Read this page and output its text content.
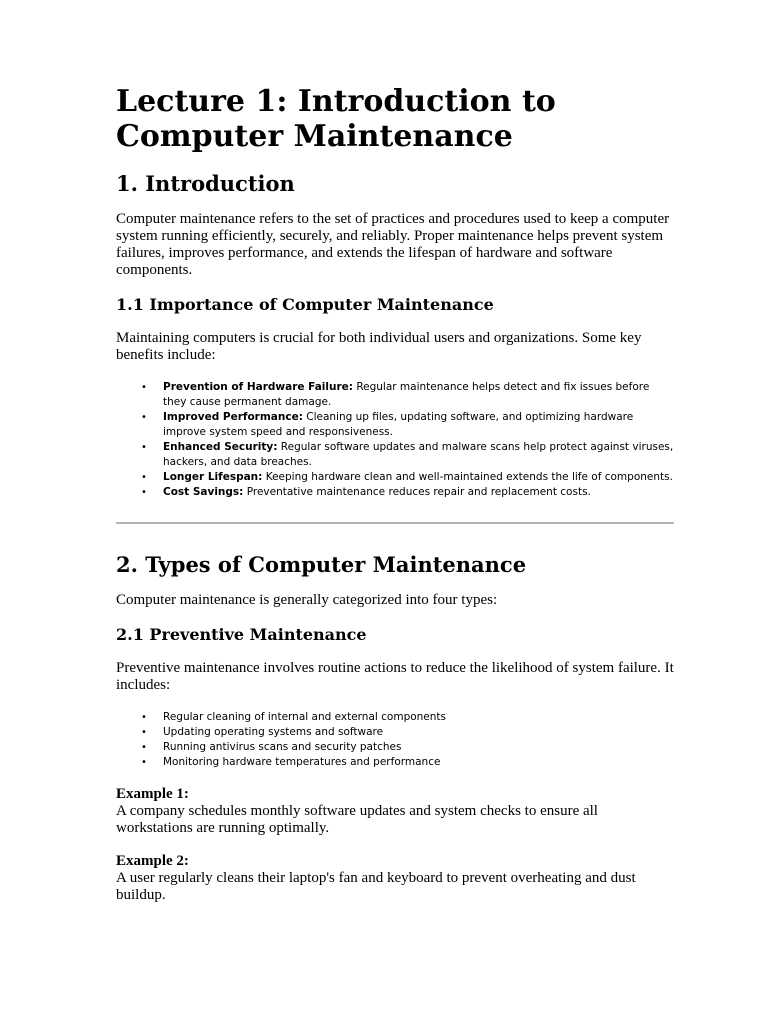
Lecture 1: Introduction to Computer Maintenance
1. Introduction

Computer maintenance refers to the set of practices and procedures used to keep a computer system running efficiently, securely, and reliably. Proper maintenance helps prevent system failures, improves performance, and extends the lifespan of hardware and software components.

1.1 Importance of Computer Maintenance

Maintaining computers is crucial for both individual users and organizations. Some key benefits include:

• Prevention of Hardware Failure: Regular maintenance helps detect and fix issues before they cause permanent damage.
• Improved Performance: Cleaning up files, updating software, and optimizing hardware improve system speed and responsiveness.
• Enhanced Security: Regular software updates and malware scans help protect against viruses, hackers, and data breaches.
• Longer Lifespan: Keeping hardware clean and well-maintained extends the life of components.
• Cost Savings: Preventative maintenance reduces repair and replacement costs.
2. Types of Computer Maintenance

Computer maintenance is generally categorized into four types:

2.1 Preventive Maintenance

Preventive maintenance involves routine actions to reduce the likelihood of system failure. It includes:

• Regular cleaning of internal and external components
• Updating operating systems and software
• Running antivirus scans and security patches
• Monitoring hardware temperatures and performance
Example 1:

A company schedules monthly software updates and system checks to ensure all workstations are running optimally.

Example 2:

A user regularly cleans their laptop's fan and keyboard to prevent overheating and dust buildup.
